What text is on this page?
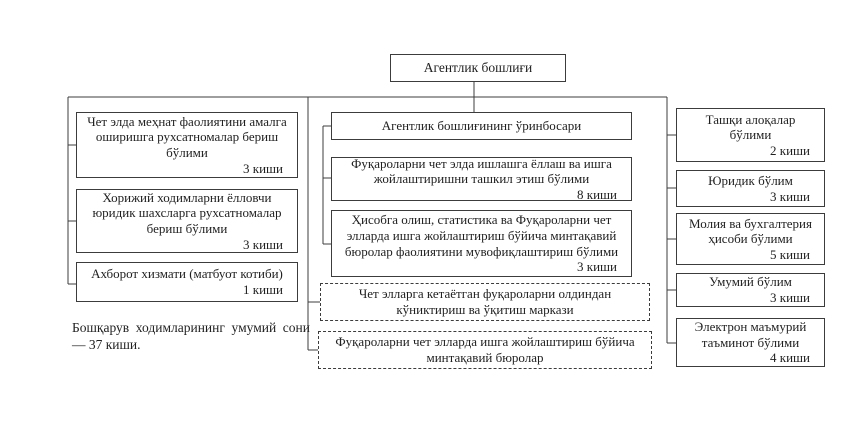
Агентлик бошлиғи
Чет элда меҳнат фаолиятини амалга оширишга рухсатномалар бериш бўлими
3 киши
Хорижий ходимларни ёлловчи юридик шахсларга рухсатномалар бериш бўлими
3 киши
Ахборот хизмати (матбуот котиби)
1 киши
Агентлик бошлиғининг ўринбосари
Фуқароларни чет элда ишлашга ёллаш ва ишга жойлаштиришни ташкил этиш бўлими
8 киши
Ҳисобга олиш, статистика ва Фуқароларни чет элларда ишга жойлаштириш бўйича минтақавий бюролар фаолиятини мувофиқлаштириш бўлими
3 киши
Чет элларга кетаётган фуқароларни олдиндан кўниктириш ва ўқитиш маркази
Фуқароларни чет элларда ишга жойлаштириш бўйича минтақавий бюролар
Ташқи алоқалар бўлими
2 киши
Юридик бўлим
3 киши
Молия ва бухгалтерия ҳисоби бўлими
5 киши
Умумий бўлим
3 киши
Электрон маъмурий таъминот бўлими
4 киши
Бошқарув ходимларининг умумий сони — 37 киши.
